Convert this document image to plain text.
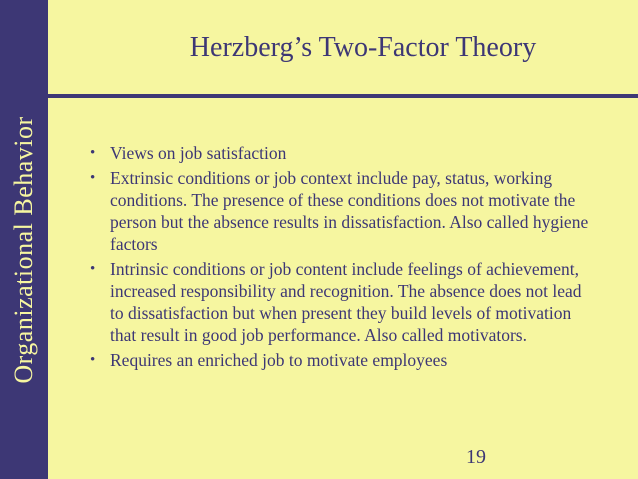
Organizational Behavior
Herzberg’s Two-Factor Theory
• Views on job satisfaction
• Extrinsic conditions or job context include pay, status, working conditions. The presence of these conditions does not motivate the person but the absence results in dissatisfaction. Also called hygiene factors
• Intrinsic conditions or job content include feelings of achievement, increased responsibility and recognition. The absence does not lead to dissatisfaction but when present they build levels of motivation that result in good job performance. Also called motivators.
• Requires an enriched job to motivate employees
19
